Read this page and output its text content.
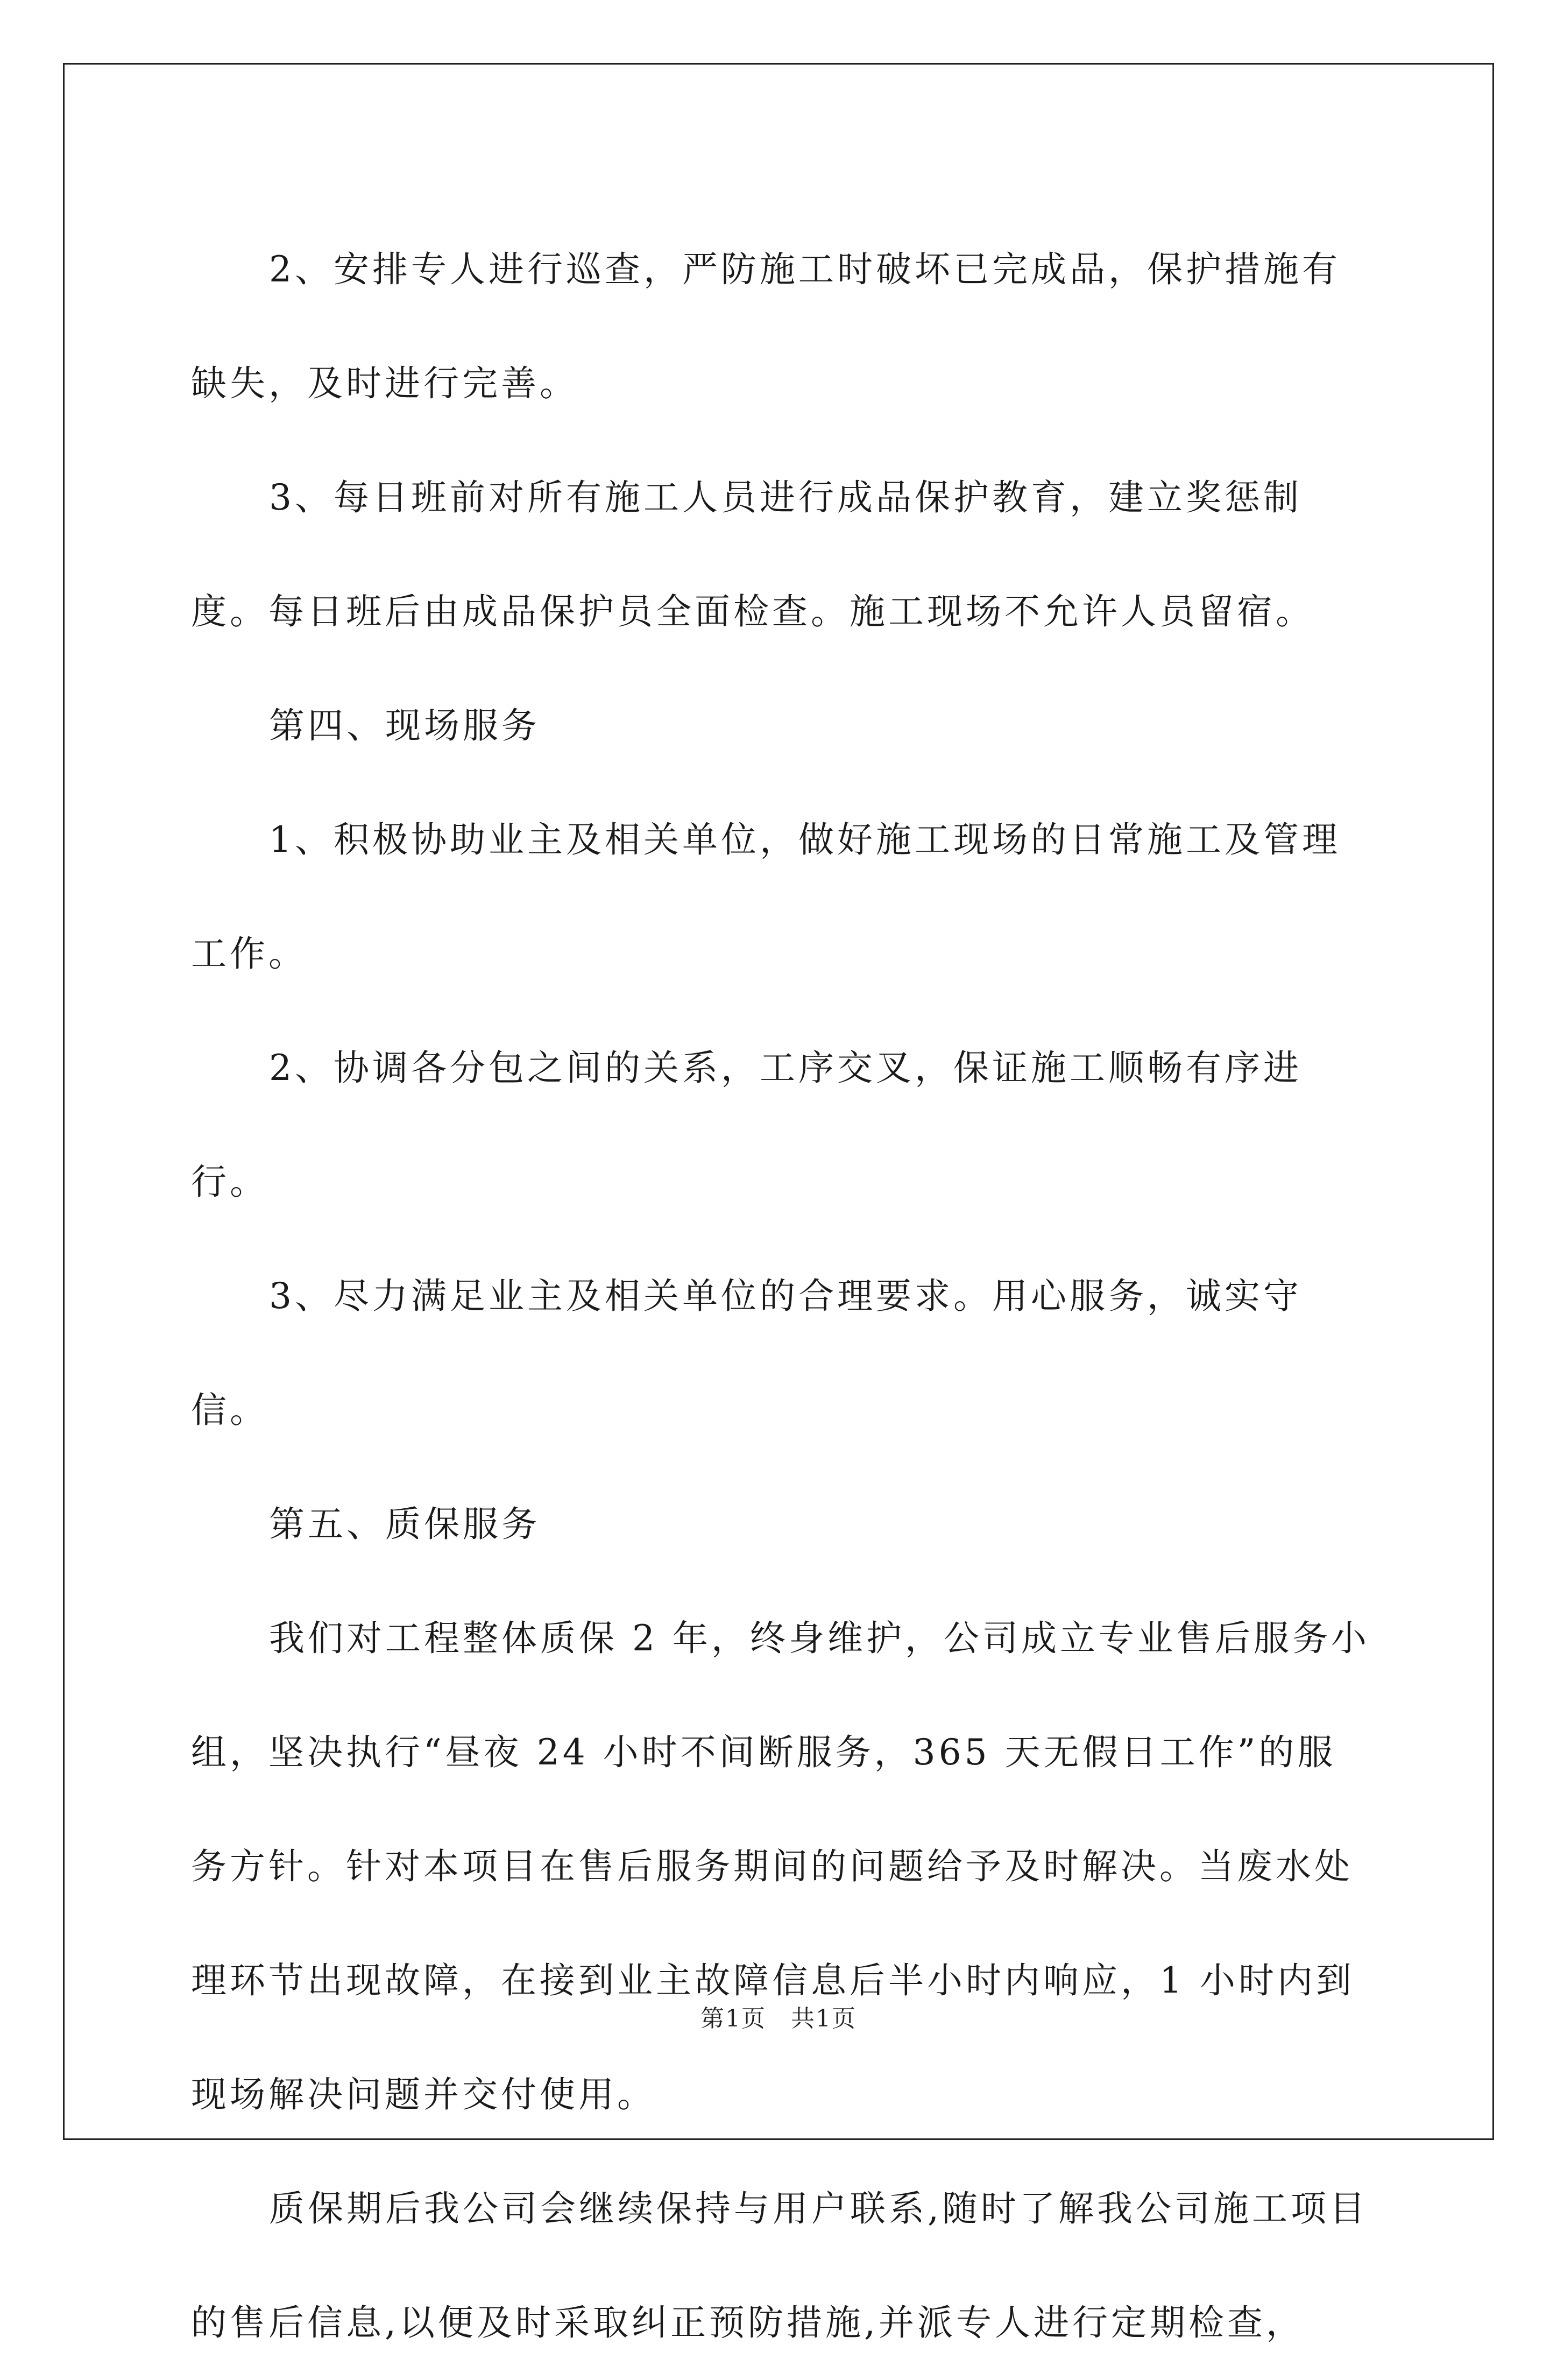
2、安排专人进行巡查，严防施工时破坏已完成品，保护措施有缺失，及时进行完善。

3、每日班前对所有施工人员进行成品保护教育，建立奖惩制度。每日班后由成品保护员全面检查。施工现场不允许人员留宿。

第四、现场服务

1、积极协助业主及相关单位，做好施工现场的日常施工及管理工作。

2、协调各分包之间的关系，工序交叉，保证施工顺畅有序进行。

3、尽力满足业主及相关单位的合理要求。用心服务，诚实守信。

第五、质保服务

我们对工程整体质保 2 年，终身维护，公司成立专业售后服务小组，坚决执行“昼夜 24 小时不间断服务，365 天无假日工作”的服务方针。针对本项目在售后服务期间的问题给予及时解决。当废水处理环节出现故障，在接到业主故障信息后半小时内响应，1 小时内到现场解决问题并交付使用。

质保期后我公司会继续保持与用户联系,随时了解我公司施工项目的售后信息,以便及时采取纠正预防措施,并派专人进行定期检查，

第1页　共1页
